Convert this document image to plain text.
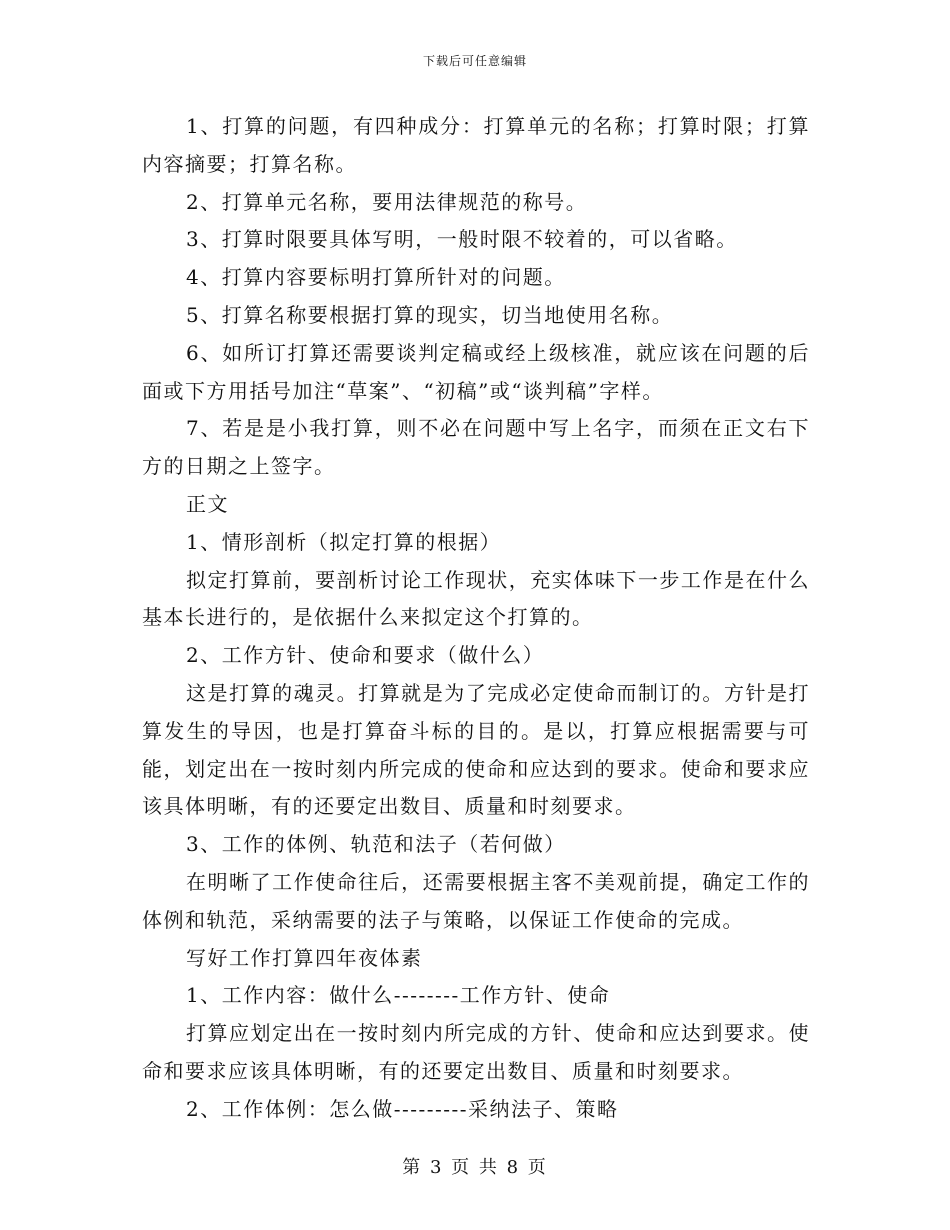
下载后可任意编辑

1、打算的问题，有四种成分：打算单元的名称；打算时限；打算内容摘要；打算名称。

2、打算单元名称，要用法律规范的称号。

3、打算时限要具体写明，一般时限不较着的，可以省略。

4、打算内容要标明打算所针对的问题。

5、打算名称要根据打算的现实，切当地使用名称。

6、如所订打算还需要谈判定稿或经上级核准，就应该在问题的后面或下方用括号加注“草案”、“初稿”或“谈判稿”字样。

7、若是是小我打算，则不必在问题中写上名字，而须在正文右下方的日期之上签字。

正文

1、情形剖析（拟定打算的根据）

拟定打算前，要剖析讨论工作现状，充实体味下一步工作是在什么基本长进行的，是依据什么来拟定这个打算的。

2、工作方针、使命和要求（做什么）

这是打算的魂灵。打算就是为了完成必定使命而制订的。方针是打算发生的导因，也是打算奋斗标的目的。是以，打算应根据需要与可能，划定出在一按时刻内所完成的使命和应达到的要求。使命和要求应该具体明晰，有的还要定出数目、质量和时刻要求。

3、工作的体例、轨范和法子（若何做）

在明晰了工作使命往后，还需要根据主客不美观前提，确定工作的体例和轨范，采纳需要的法子与策略，以保证工作使命的完成。

写好工作打算四年夜体素

1、工作内容：做什么--------工作方针、使命

打算应划定出在一按时刻内所完成的方针、使命和应达到要求。使命和要求应该具体明晰，有的还要定出数目、质量和时刻要求。

2、工作体例：怎么做---------采纳法子、策略

第 3 页 共 8 页
